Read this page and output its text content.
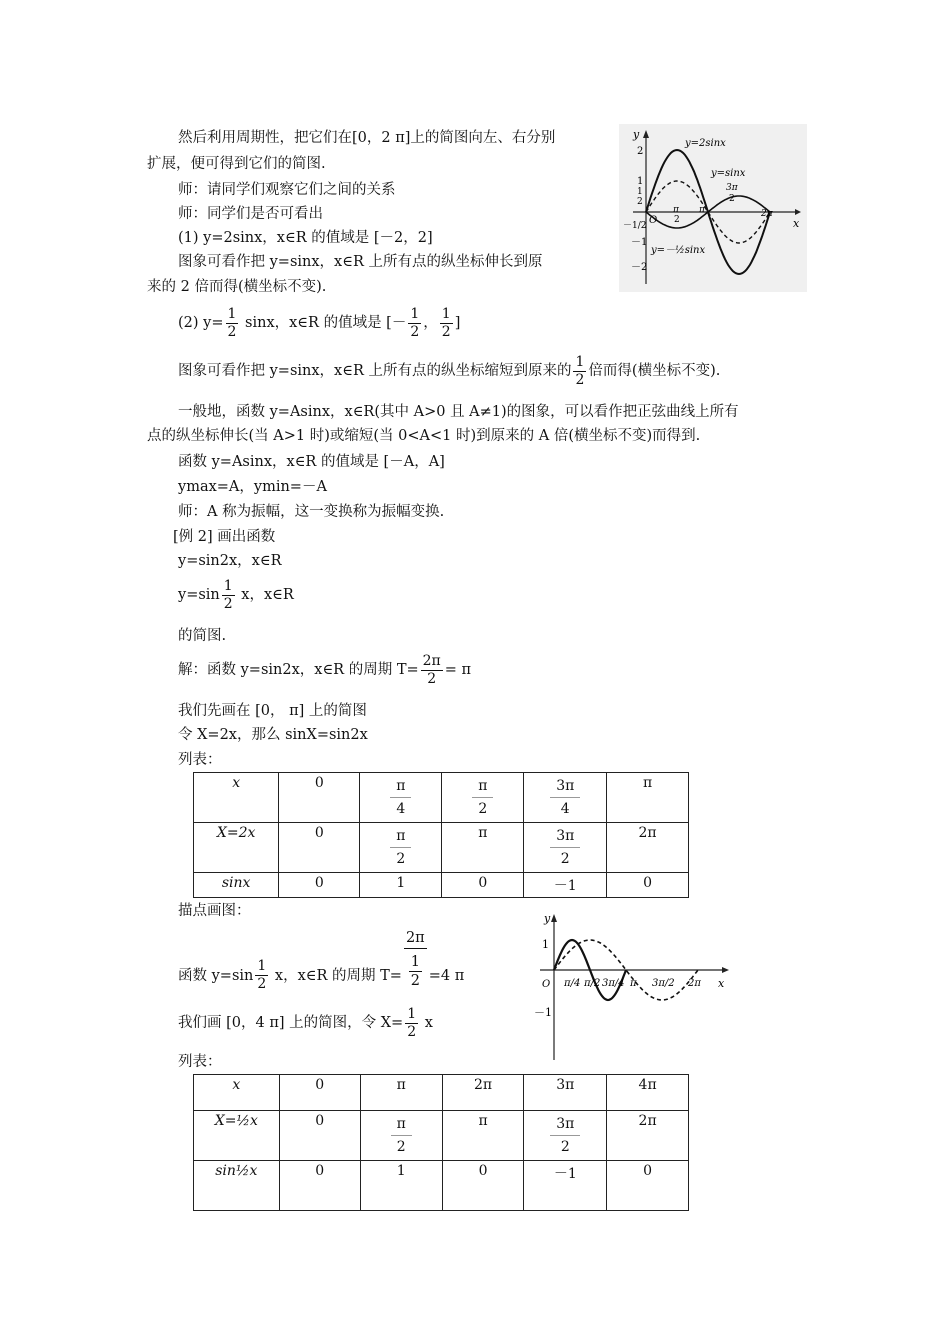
然后利用周期性，把它们在[0，2 π]上的简图向左、右分别
扩展，便可得到它们的简图.
师：请同学们观察它们之间的关系
师：同学们是否可看出
(1) y=2sinx，x∈R 的值域是 [－2，2]
图象可看作把 y=sinx，x∈R 上所有点的纵坐标伸长到原
来的 2 倍而得(横坐标不变).
(2) $y= \frac{1}{2}$ sinx，x∈R 的值域是 [－ $\frac{1}{2}$ ， $\frac{1}{2}$ ]
图象可看作把 y=sinx，x∈R 上所有点的纵坐标缩短到原来的 $\frac{1}{2}$ 倍而得(横坐标不变).
一般地，函数 y=Asinx，x∈R(其中 A>0 且 A≠1)的图象，可以看作把正弦曲线上所有
点的纵坐标伸长(当 A>1 时)或缩短(当 0<A<1 时)到原来的 A 倍(横坐标不变)而得到.
函数 y=Asinx，x∈R 的值域是 [－A，A]
ymax=A，ymin=－A
师：A 称为振幅，这一变换称为振幅变换.
[例 2] 画出函数
y=sin2x，x∈R
$y=\sin \frac{1}{2}$ x，x∈R
的简图.
解：函数 y=sin2x，x∈R 的周期 $T= \frac{2\pi}{2} = \pi$
我们先画在 [0， π] 上的简图
令 X=2x，那么 sinX=sin2x
列表：
x	0	$\frac{\pi}{4}$	$\frac{\pi}{2}$	$\frac{3\pi}{4}$	π
X=2x	0	$\frac{\pi}{2}$	π	$\frac{3\pi}{2}$	2π
sinx	0	1	0	－1	0
描点画图：
函数 $y=\sin \frac{1}{2}$ x，x∈R 的周期 $T= \frac{2\pi}{\frac{1}{2}} =4$ π
我们画 [0，4 π] 上的简图，令 $X= \frac{1}{2}$ x
列表：
x	0	π	2π	3π	4π
X=½x	0	$\frac{\pi}{2}$	π	$\frac{3\pi}{2}$	2π
sin½x	0	1	0	－1	0
y
x
O
2
1
1
2
－1/2
－1
－2
π
2
π
3π
2
2π
y=2sinx
y=sinx
y=－½sinx
y
x
O
1
－1
π/4 π/2 3π/4 π 3π/2 2π
